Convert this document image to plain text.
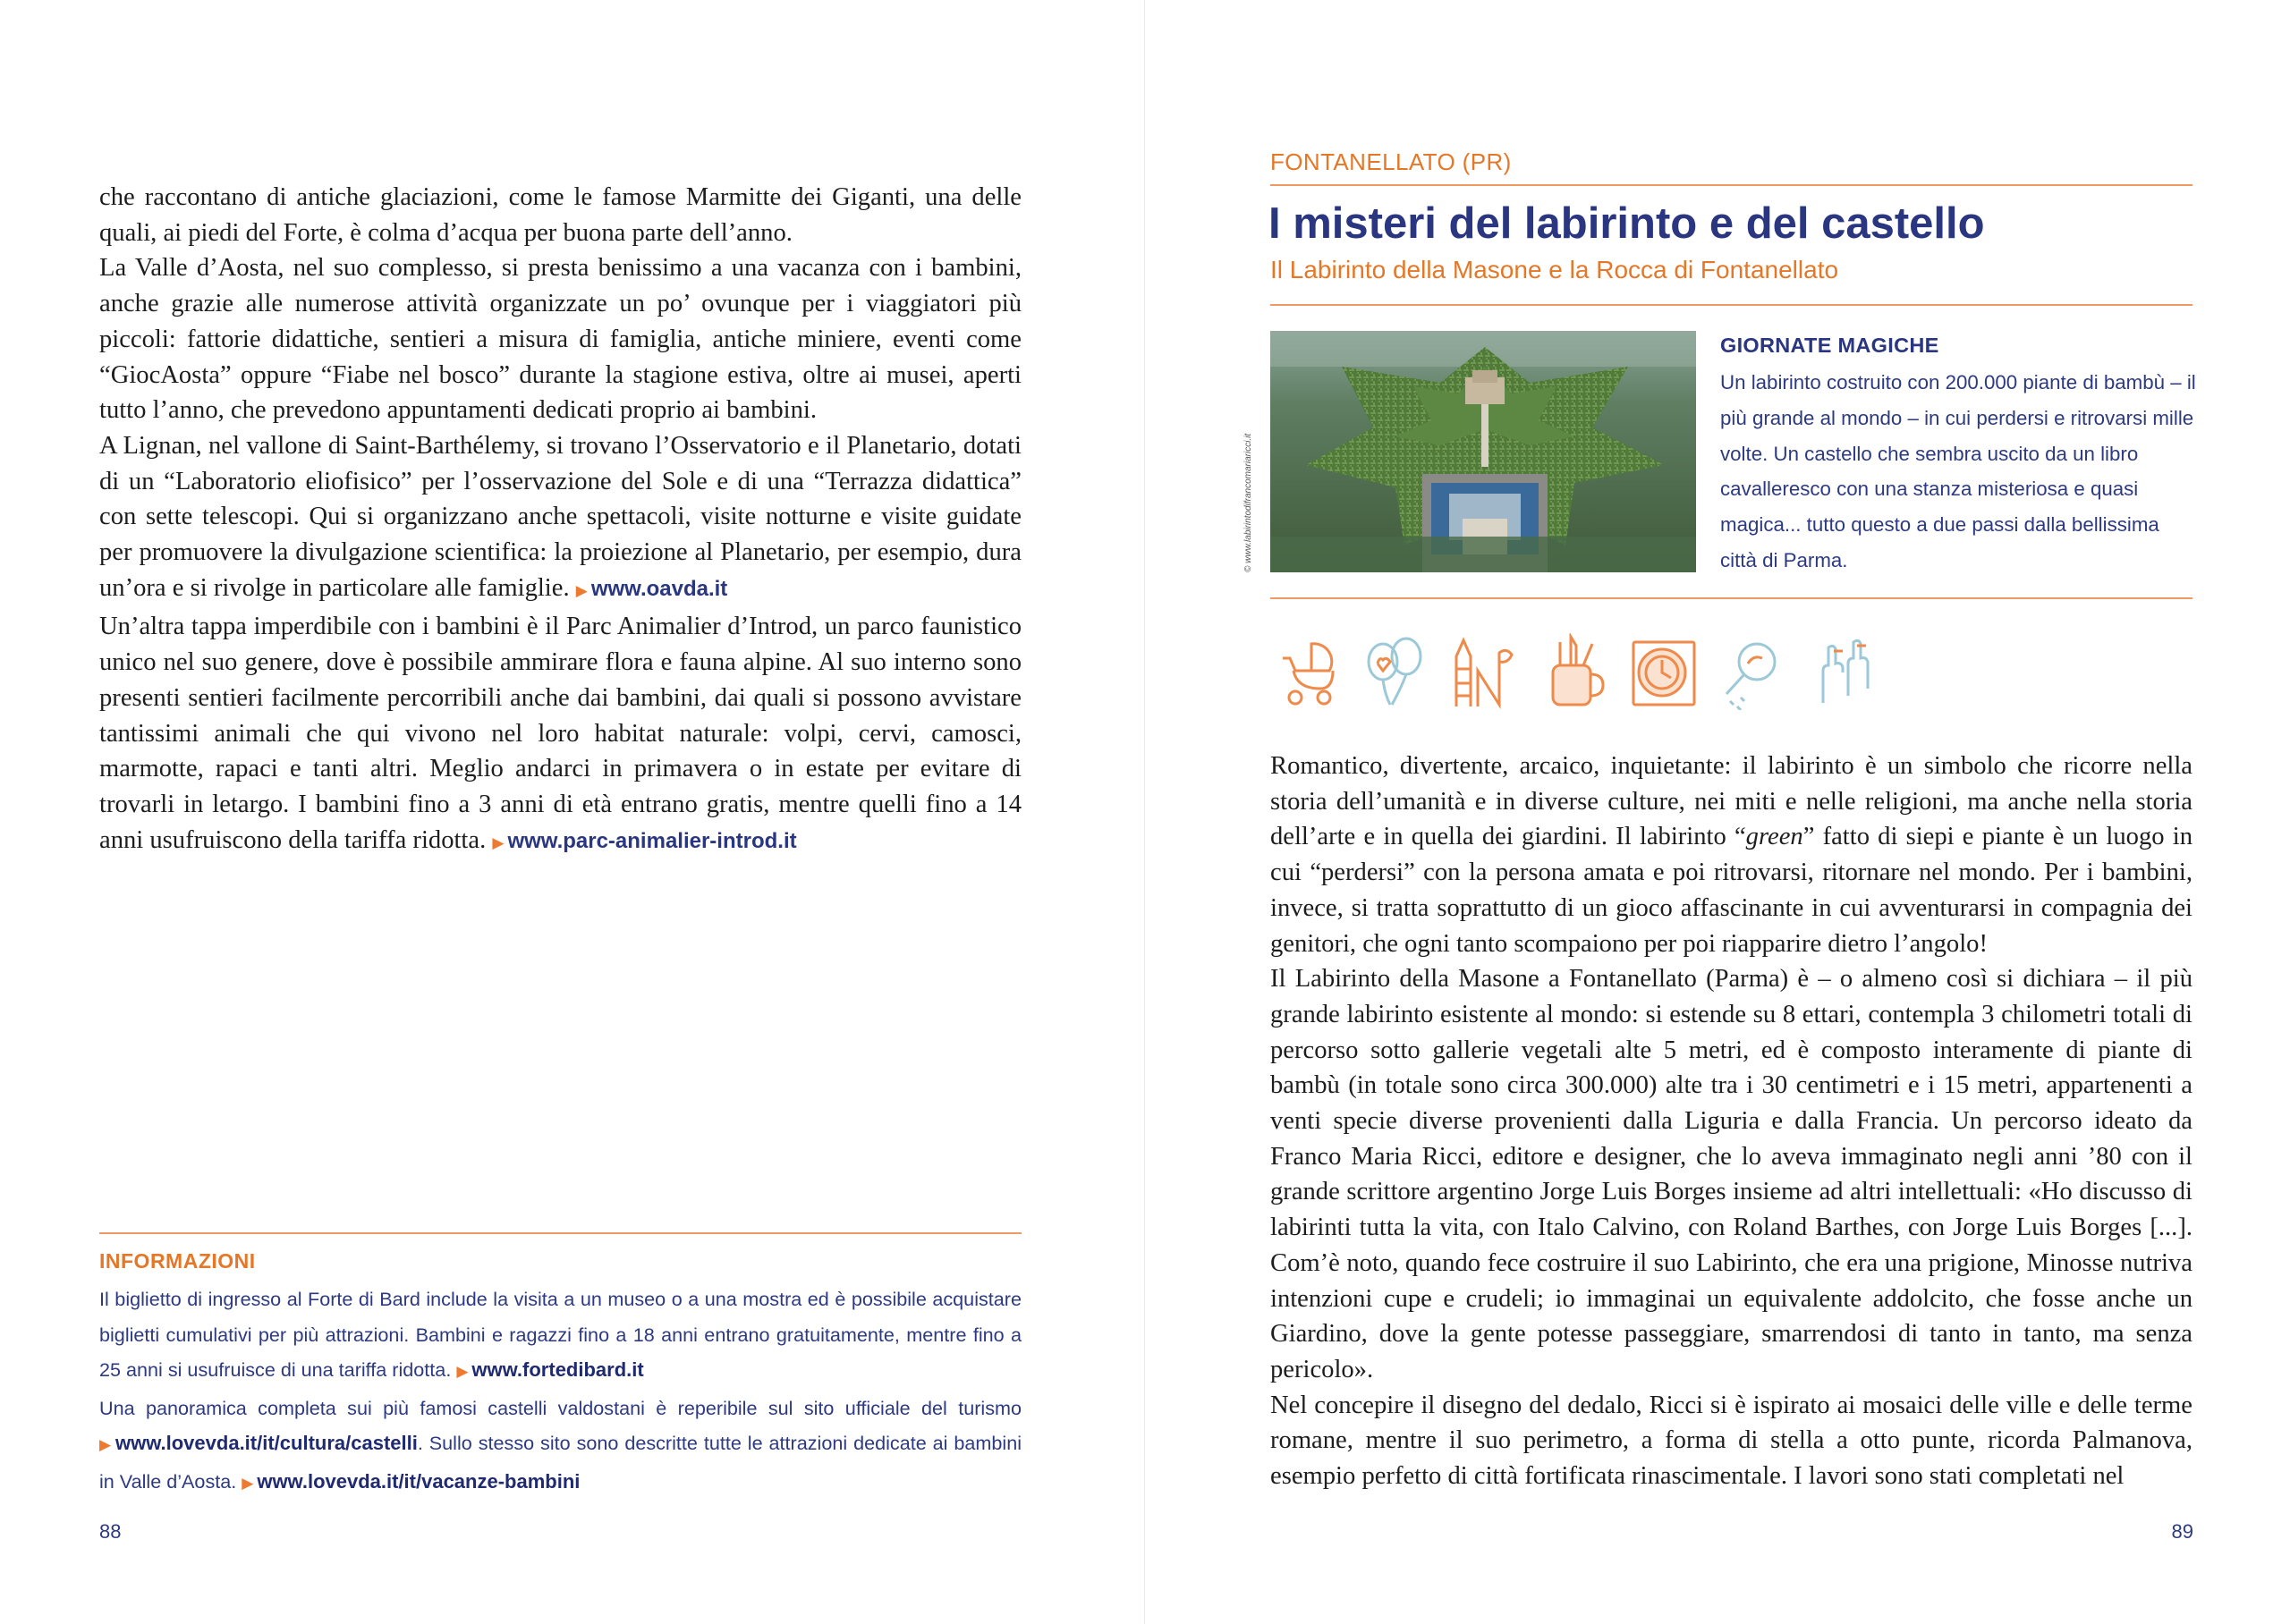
che raccontano di antiche glaciazioni, come le famose Marmitte dei Giganti, una delle quali, ai piedi del Forte, è colma d’acqua per buona parte dell’anno.

La Valle d’Aosta, nel suo complesso, si presta benissimo a una vacanza con i bambini, anche grazie alle numerose attività organizzate un po’ ovunque per i viaggiatori più piccoli: fattorie didattiche, sentieri a misura di famiglia, antiche miniere, eventi come “GiocAosta” oppure “Fiabe nel bosco” durante la stagione estiva, oltre ai musei, aperti tutto l’anno, che prevedono appuntamenti dedicati proprio ai bambini.

A Lignan, nel vallone di Saint-Barthélemy, si trovano l’Osservatorio e il Planetario, dotati di un “Laboratorio eliofisico” per l’osservazione del Sole e di una “Terrazza didattica” con sette telescopi. Qui si organizzano anche spettacoli, visite notturne e visite guidate per promuovere la divulgazione scientifica: la proiezione al Planetario, per esempio, dura un’ora e si rivolge in particolare alle famiglie. ▶ www.oavda.it

Un’altra tappa imperdibile con i bambini è il Parc Animalier d’Introd, un parco faunistico unico nel suo genere, dove è possibile ammirare flora e fauna alpine. Al suo interno sono presenti sentieri facilmente percorribili anche dai bambini, dai quali si possono avvistare tantissimi animali che qui vivono nel loro habitat naturale: volpi, cervi, camosci, marmotte, rapaci e tanti altri. Meglio andarci in primavera o in estate per evitare di trovarli in letargo. I bambini fino a 3 anni di età entrano gratis, mentre quelli fino a 14 anni usufruiscono della tariffa ridotta. ▶ www.parc-animalier-introd.it

INFORMAZIONI

Il biglietto di ingresso al Forte di Bard include la visita a un museo o a una mostra ed è possibile acquistare biglietti cumulativi per più attrazioni. Bambini e ragazzi fino a 18 anni entrano gratuitamente, mentre fino a 25 anni si usufruisce di una tariffa ridotta. ▶ www.fortedibard.it

Una panoramica completa sui più famosi castelli valdostani è reperibile sul sito ufficiale del turismo ▶ www.lovevda.it/it/cultura/castelli. Sullo stesso sito sono descritte tutte le attrazioni dedicate ai bambini in Valle d’Aosta. ▶ www.lovevda.it/it/vacanze-bambini

88
FONTANELLATO (PR)
I misteri del labirinto e del castello
Il Labirinto della Masone e la Rocca di Fontanellato
© www.labirintodifrancomariaricci.it
GIORNATE MAGICHE
Un labirinto costruito con 200.000 piante di bambù – il più grande al mondo – in cui perdersi e ritrovarsi mille volte. Un castello che sembra uscito da un libro cavalleresco con una stanza misteriosa e quasi magica... tutto questo a due passi dalla bellissima città di Parma.

Romantico, divertente, arcaico, inquietante: il labirinto è un simbolo che ricorre nella storia dell’umanità e in diverse culture, nei miti e nelle religioni, ma anche nella storia dell’arte e in quella dei giardini. Il labirinto “green” fatto di siepi e piante è un luogo in cui “perdersi” con la persona amata e poi ritrovarsi, ritornare nel mondo. Per i bambini, invece, si tratta soprattutto di un gioco affascinante in cui avventurarsi in compagnia dei genitori, che ogni tanto scompaiono per poi riapparire dietro l’angolo!

Il Labirinto della Masone a Fontanellato (Parma) è – o almeno così si dichiara – il più grande labirinto esistente al mondo: si estende su 8 ettari, contempla 3 chilometri totali di percorso sotto gallerie vegetali alte 5 metri, ed è composto interamente di piante di bambù (in totale sono circa 300.000) alte tra i 30 centimetri e i 15 metri, appartenenti a venti specie diverse provenienti dalla Liguria e dalla Francia. Un percorso ideato da Franco Maria Ricci, editore e designer, che lo aveva immaginato negli anni ’80 con il grande scrittore argentino Jorge Luis Borges insieme ad altri intellettuali: «Ho discusso di labirinti tutta la vita, con Italo Calvino, con Roland Barthes, con Jorge Luis Borges [...]. Com’è noto, quando fece costruire il suo Labirinto, che era una prigione, Minosse nutriva intenzioni cupe e crudeli; io immaginai un equivalente addolcito, che fosse anche un Giardino, dove la gente potesse passeggiare, smarrendosi di tanto in tanto, ma senza pericolo».

Nel concepire il disegno del dedalo, Ricci si è ispirato ai mosaici delle ville e delle terme romane, mentre il suo perimetro, a forma di stella a otto punte, ricorda Palmanova, esempio perfetto di città fortificata rinascimentale. I lavori sono stati completati nel

89
